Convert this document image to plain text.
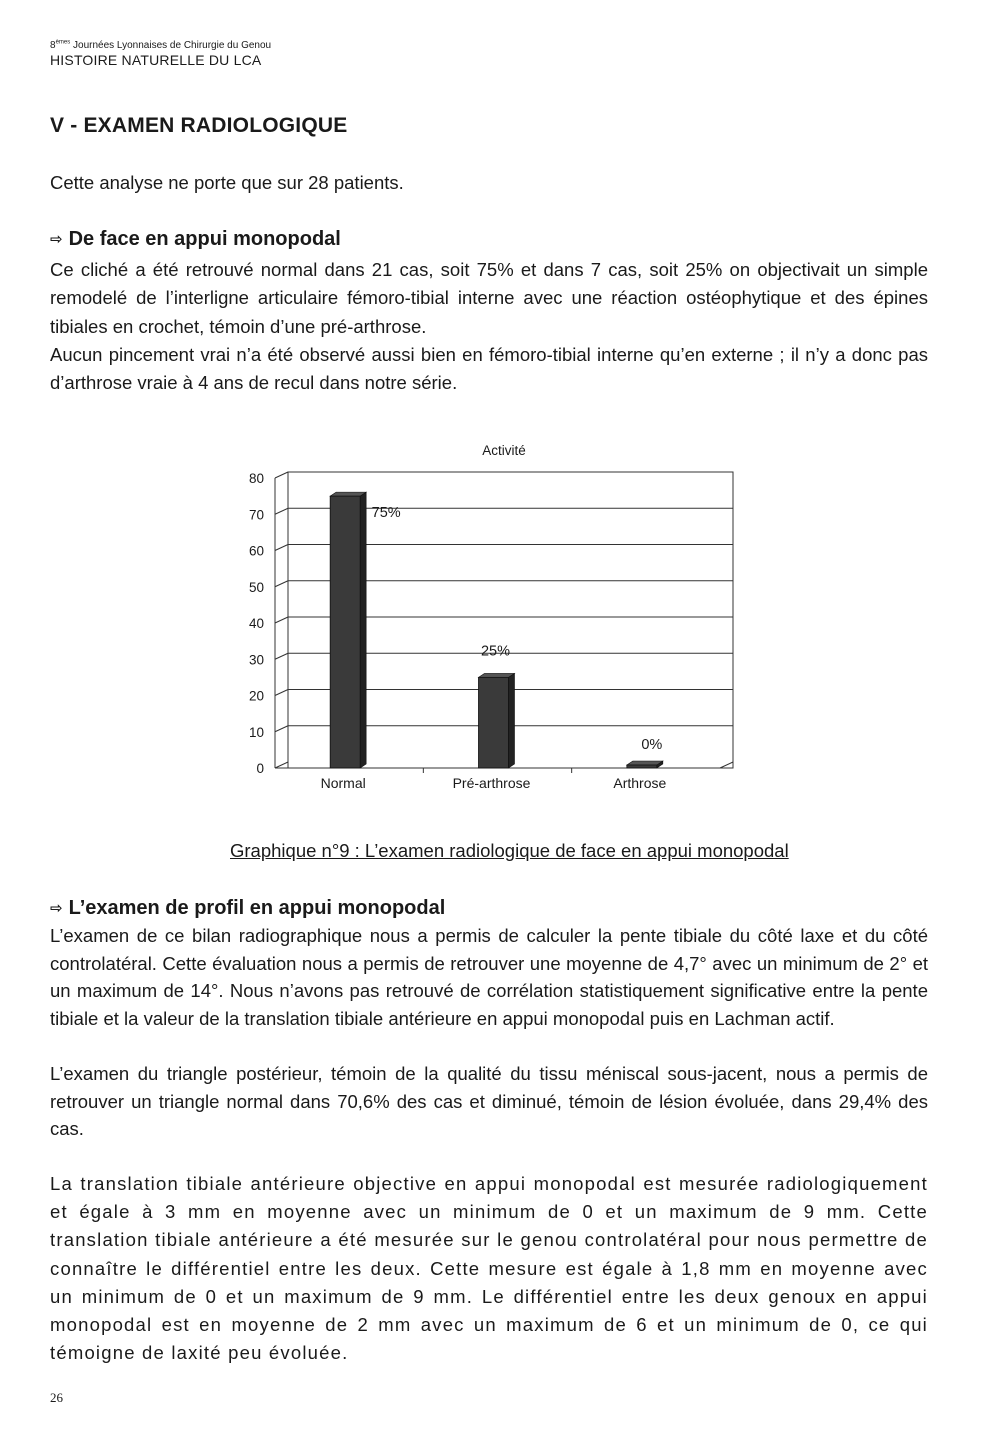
8èmes Journées Lyonnaises de Chirurgie du Genou
HISTOIRE NATURELLE DU LCA
V - EXAMEN RADIOLOGIQUE

Cette analyse ne porte que sur 28 patients.

⇨ De face en appui monopodal

Ce cliché a été retrouvé normal dans 21 cas, soit 75% et dans 7 cas, soit 25% on objectivait un simple remodelé de l’interligne articulaire fémoro-tibial interne avec une réaction ostéophytique et des épines tibiales en crochet, témoin d’une pré-arthrose.

Aucun pincement vrai n’a été observé aussi bien en fémoro-tibial interne qu’en externe ; il n’y a donc pas d’arthrose vraie à 4 ans de recul dans notre série.

Activité
0
10
20
30
40
50
60
70
80
75%
Normal
25%
Pré-arthrose
0%
Arthrose

Graphique n°9 : L’examen radiologique de face en appui monopodal

⇨ L’examen de profil en appui monopodal

L’examen de ce bilan radiographique nous a permis de calculer la pente tibiale du côté laxe et du côté controlatéral. Cette évaluation nous a permis de retrouver une moyenne de 4,7° avec un minimum de 2° et un maximum de 14°. Nous n’avons pas retrouvé de corrélation statistiquement significative entre la pente tibiale et la valeur de la translation tibiale antérieure en appui monopodal puis en Lachman actif.

L’examen du triangle postérieur, témoin de la qualité du tissu méniscal sous-jacent, nous a permis de retrouver un triangle normal dans 70,6% des cas et diminué, témoin de lésion évoluée, dans 29,4% des cas.

La translation tibiale antérieure objective en appui monopodal est mesurée radiologiquement et égale à 3 mm en moyenne avec un minimum de 0 et un maximum de 9 mm. Cette translation tibiale antérieure a été mesurée sur le genou controlatéral pour nous permettre de connaître le différentiel entre les deux. Cette mesure est égale à 1,8 mm en moyenne avec un minimum de 0 et un maximum de 9 mm. Le différentiel entre les deux genoux en appui monopodal est en moyenne de 2 mm avec un maximum de 6 et un minimum de 0, ce qui témoigne de laxité peu évoluée.

26
